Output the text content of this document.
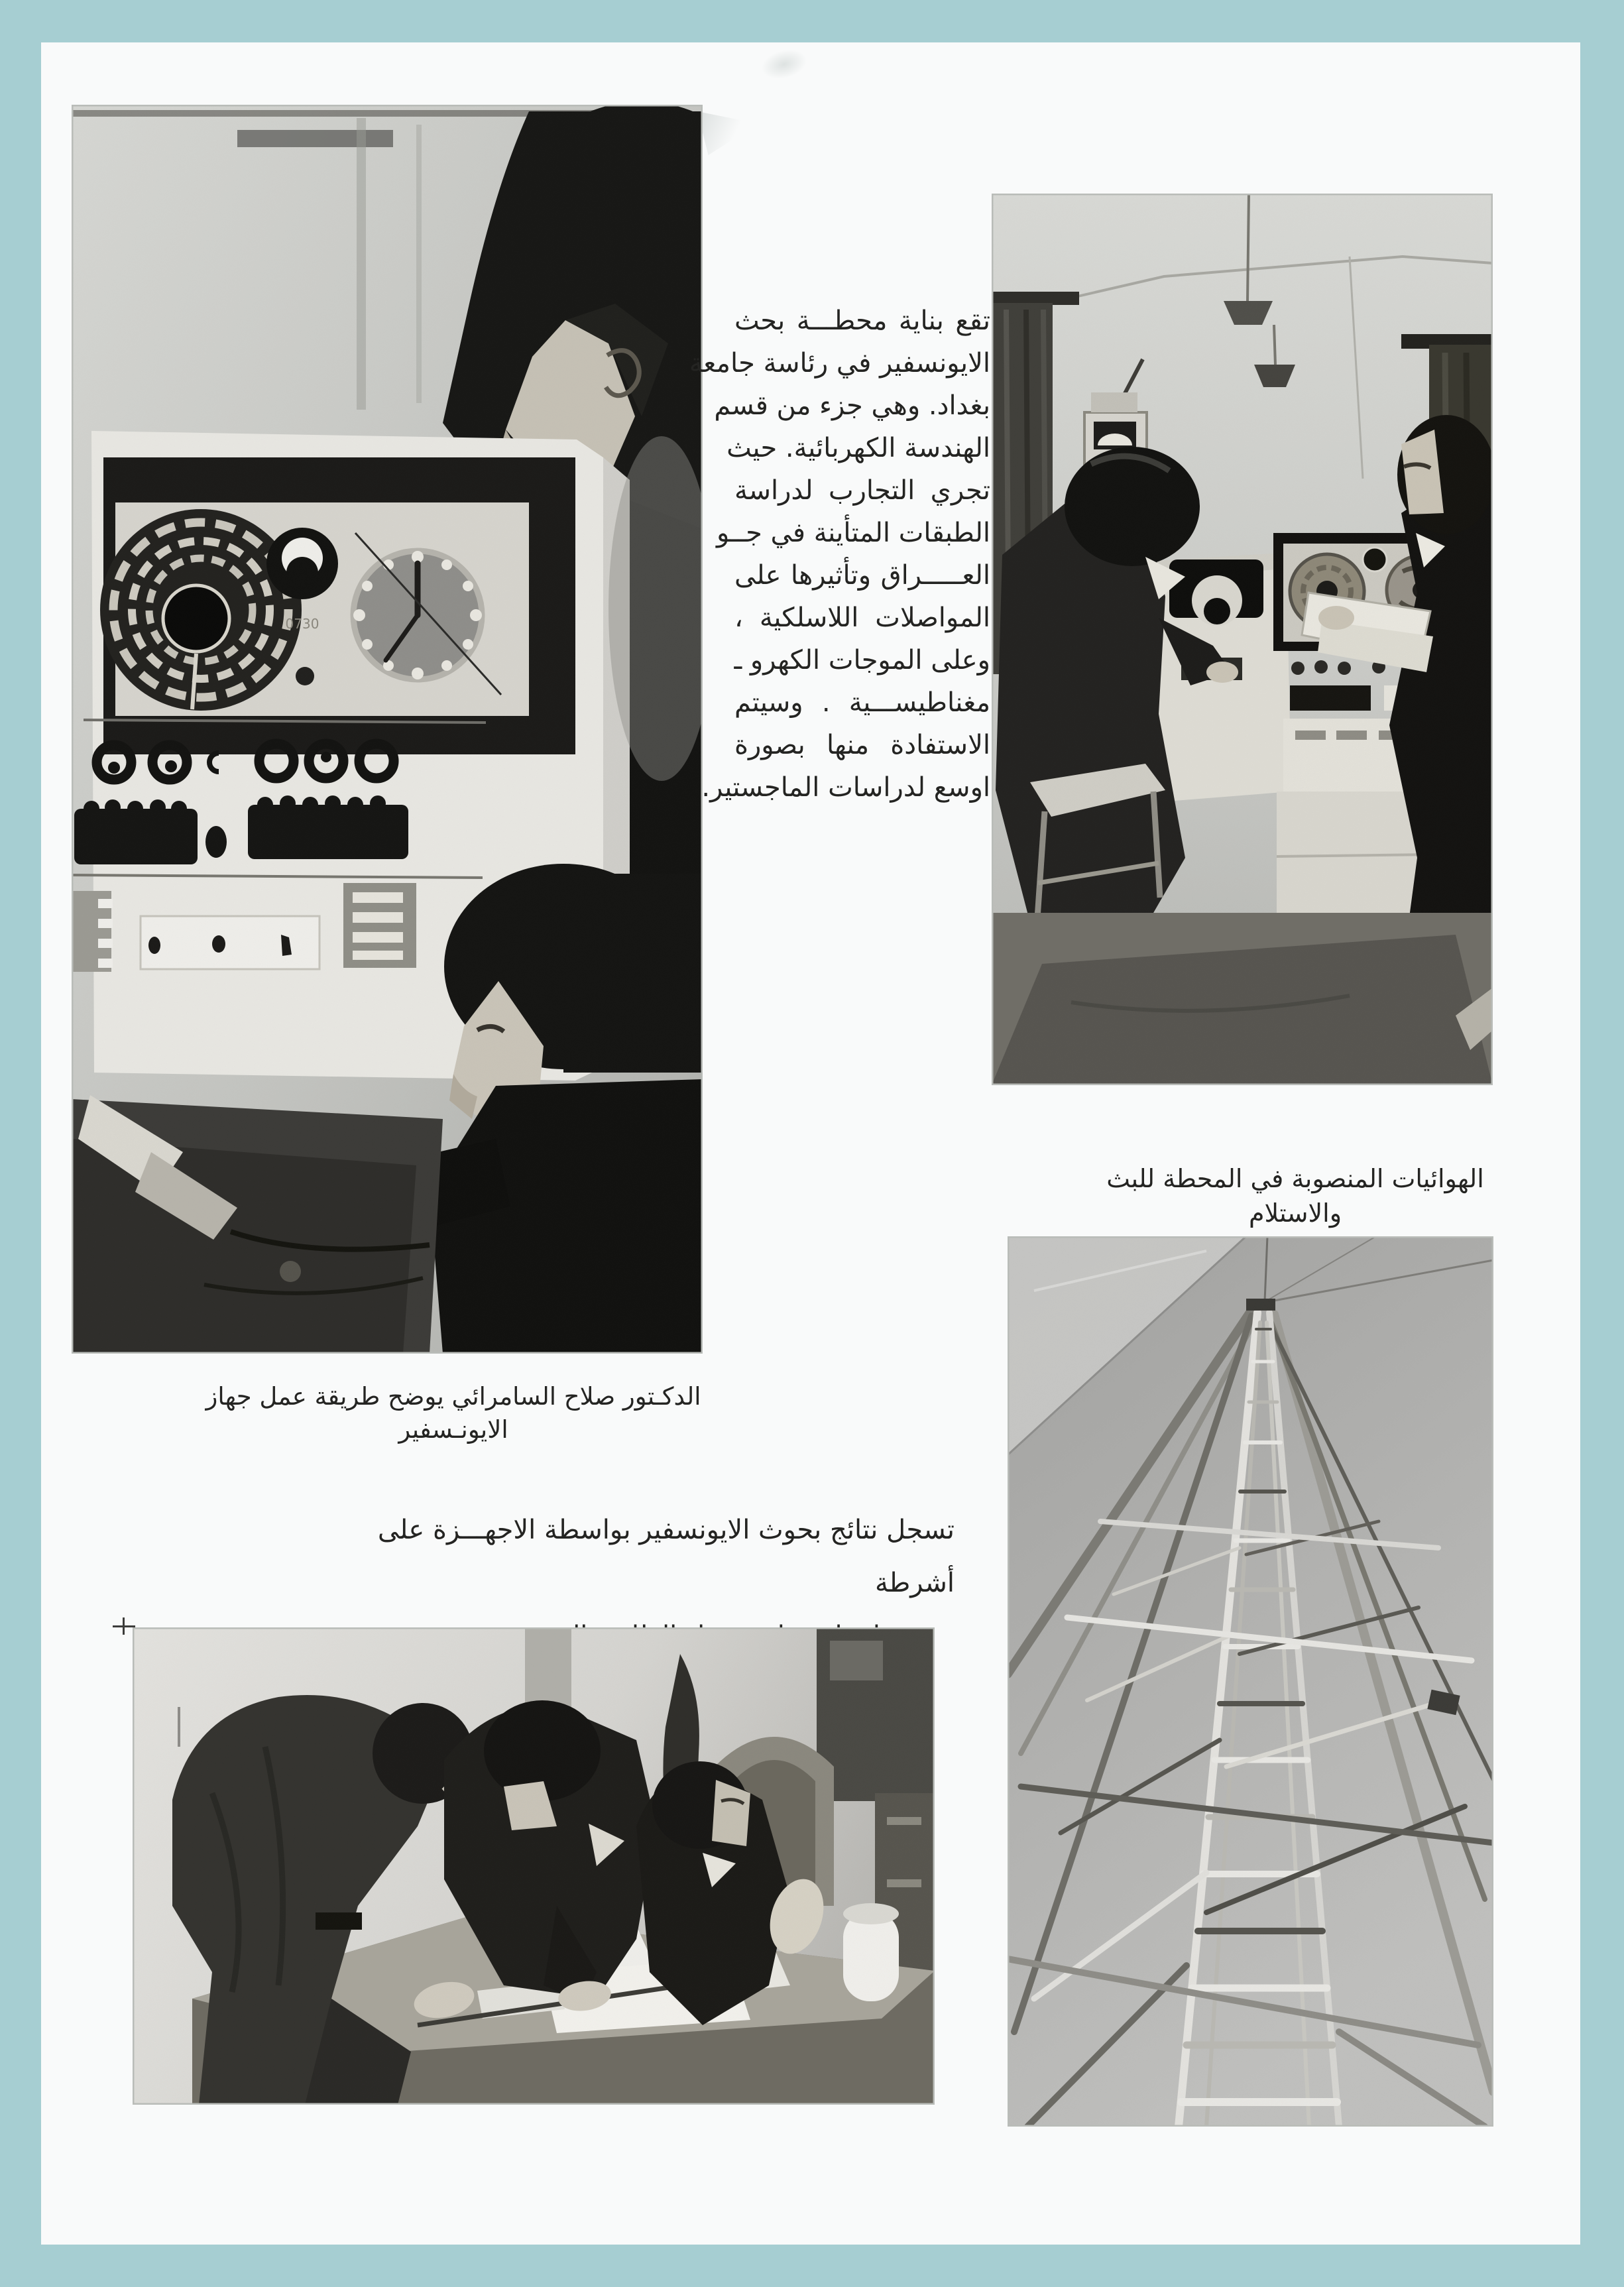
0730
تقع بناية محطـــة بحث
الايونسفير في رئاسة جامعة
بغداد. وهي جزء من قسم
الهندسة الكهربائية. حيث
تجري التجارب لدراسة
الطبقات المتأينة في جــو
العـــــراق وتأثيرها على
المواصلات اللاسلكية ،
وعلى الموجات الكهرو ـ
مغناطيســـية . وسيتم
الاستفادة منها بصورة
اوسع لدراسات الماجستير.
الهوائيات المنصوبة في المحطة للبث والاستلام
الدكـتور صلاح السامرائي يوضح طريقة عمل جهاز الايونـسفير
تسجل نتائج بحوث الايونسفير بواسطة الاجهـــزة على أشرطة
